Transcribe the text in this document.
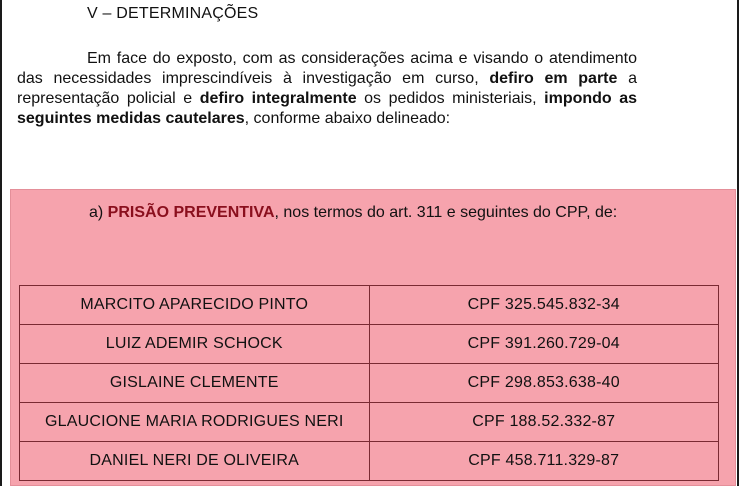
V – DETERMINAÇÕES
Em face do exposto, com as considerações acima e visando o atendimento das necessidades imprescindíveis à investigação em curso, defiro em parte a representação policial e defiro integralmente os pedidos ministeriais, impondo as seguintes medidas cautelares, conforme abaixo delineado:
a) PRISÃO PREVENTIVA, nos termos do art. 311 e seguintes do CPP, de:
MARCITO APARECIDO PINTO	CPF 325.545.832-34
LUIZ ADEMIR SCHOCK	CPF 391.260.729-04
GISLAINE CLEMENTE	CPF 298.853.638-40
GLAUCIONE MARIA RODRIGUES NERI	CPF 188.52.332-87
DANIEL NERI DE OLIVEIRA	CPF 458.711.329-87
